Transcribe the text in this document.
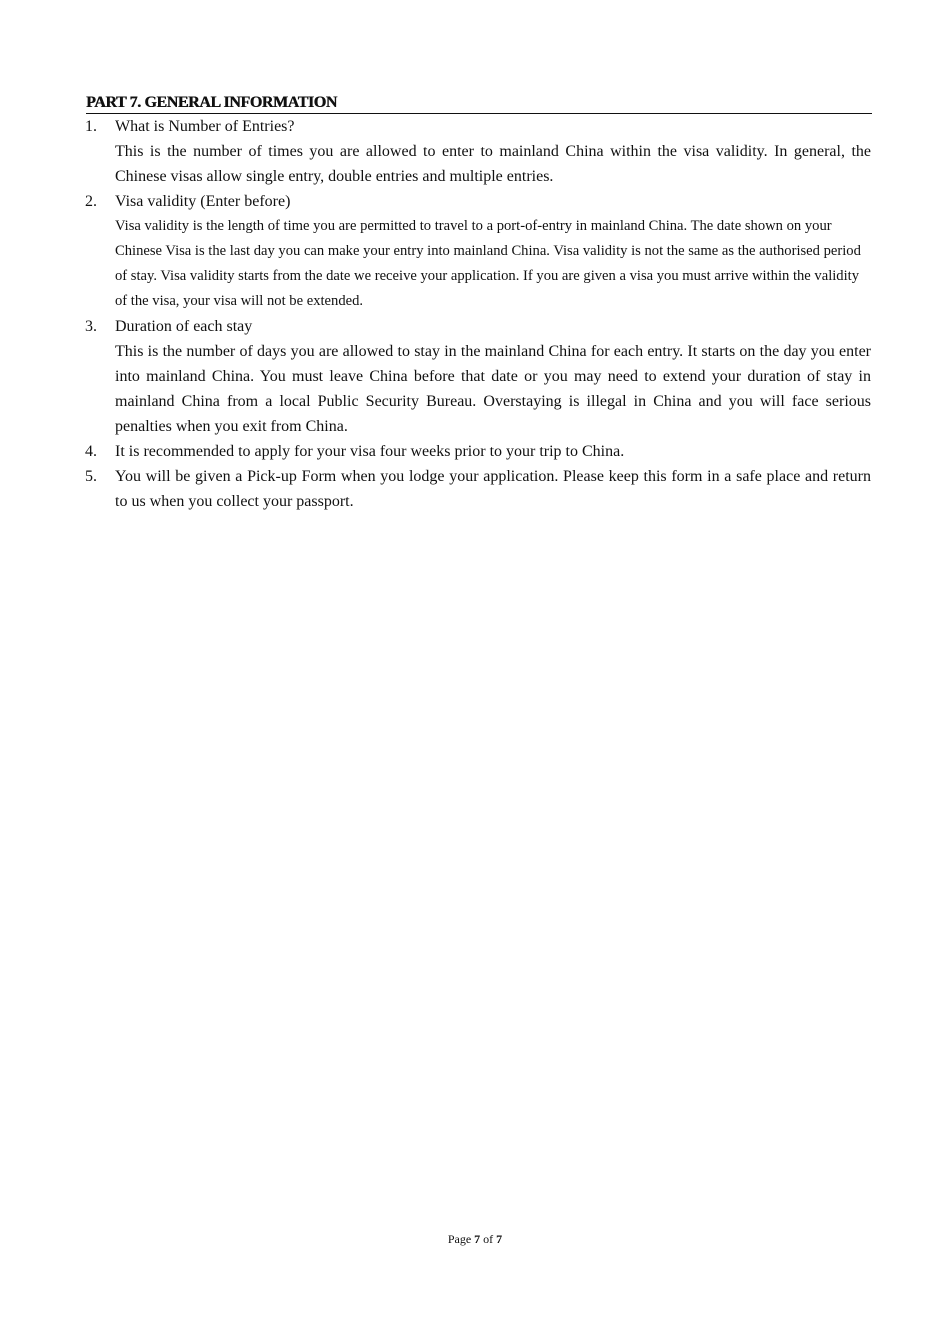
PART 7. GENERAL INFORMATION
1.	What is Number of Entries?
This is the number of times you are allowed to enter to mainland China within the visa validity. In general, the Chinese visas allow single entry, double entries and multiple entries.
2.	Visa validity (Enter before)
Visa validity is the length of time you are permitted to travel to a port-of-entry in mainland China. The date shown on your Chinese Visa is the last day you can make your entry into mainland China. Visa validity is not the same as the authorised period of stay. Visa validity starts from the date we receive your application. If you are given a visa you must arrive within the validity of the visa, your visa will not be extended.
3.	Duration of each stay
This is the number of days you are allowed to stay in the mainland China for each entry. It starts on the day you enter into mainland China. You must leave China before that date or you may need to extend your duration of stay in mainland China from a local Public Security Bureau. Overstaying is illegal in China and you will face serious penalties when you exit from China.
4.	It is recommended to apply for your visa four weeks prior to your trip to China.
5.	You will be given a Pick-up Form when you lodge your application. Please keep this form in a safe place and return to us when you collect your passport.
Page 7 of 7
